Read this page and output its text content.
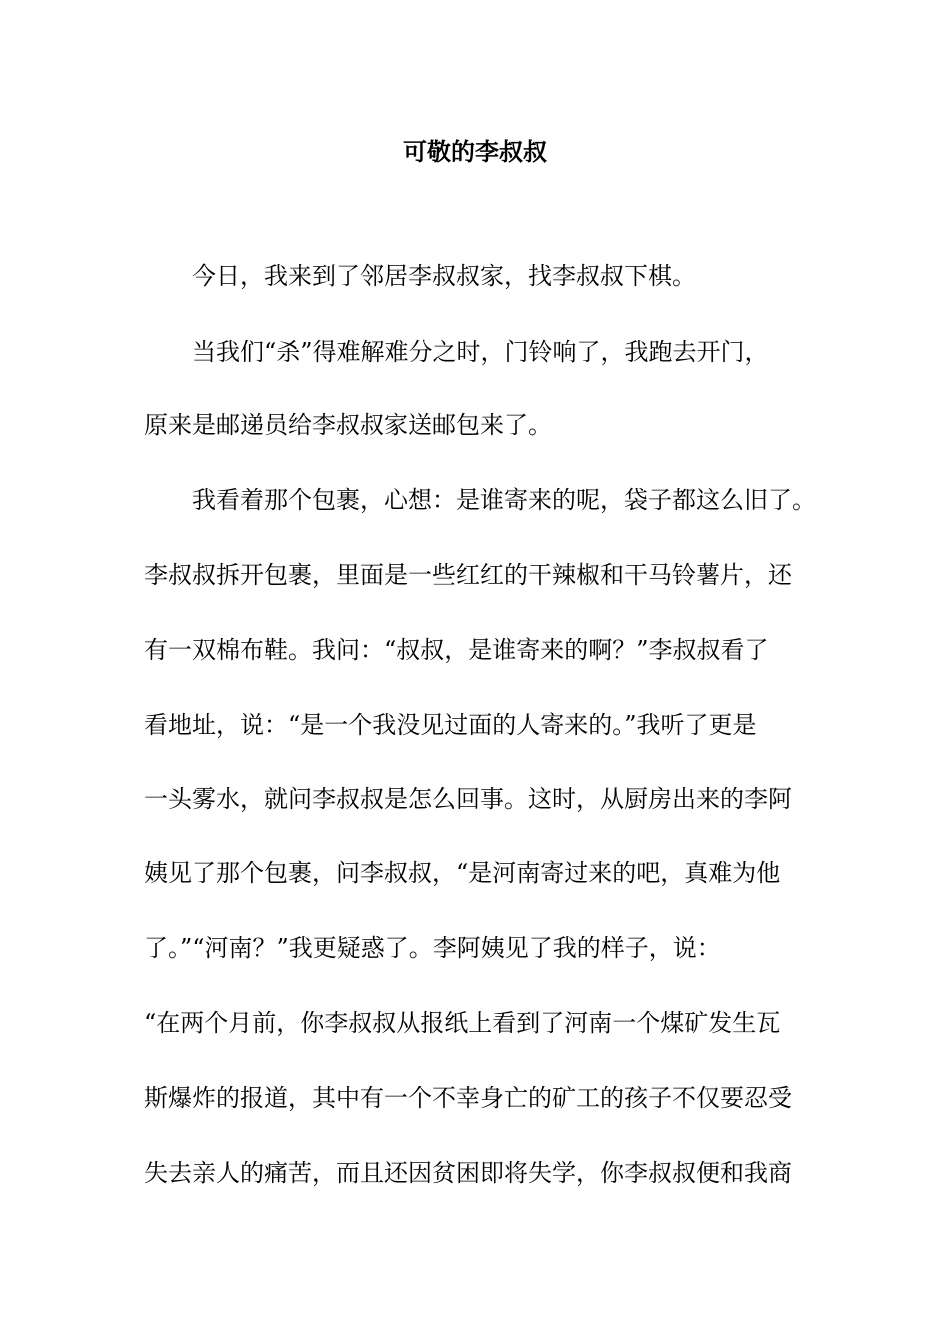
可敬的李叔叔
今日，我来到了邻居李叔叔家，找李叔叔下棋。
当我们“杀”得难解难分之时，门铃响了，我跑去开门，
原来是邮递员给李叔叔家送邮包来了。
我看着那个包裹，心想：是谁寄来的呢，袋子都这么旧了。
李叔叔拆开包裹，里面是一些红红的干辣椒和干马铃薯片，还
有一双棉布鞋。我问：“叔叔，是谁寄来的啊？”李叔叔看了
看地址，说：“是一个我没见过面的人寄来的。”我听了更是
一头雾水，就问李叔叔是怎么回事。这时，从厨房出来的李阿
姨见了那个包裹，问李叔叔，“是河南寄过来的吧，真难为他
了。”“河南？”我更疑惑了。李阿姨见了我的样子，说：
“在两个月前，你李叔叔从报纸上看到了河南一个煤矿发生瓦
斯爆炸的报道，其中有一个不幸身亡的矿工的孩子不仅要忍受
失去亲人的痛苦，而且还因贫困即将失学，你李叔叔便和我商
